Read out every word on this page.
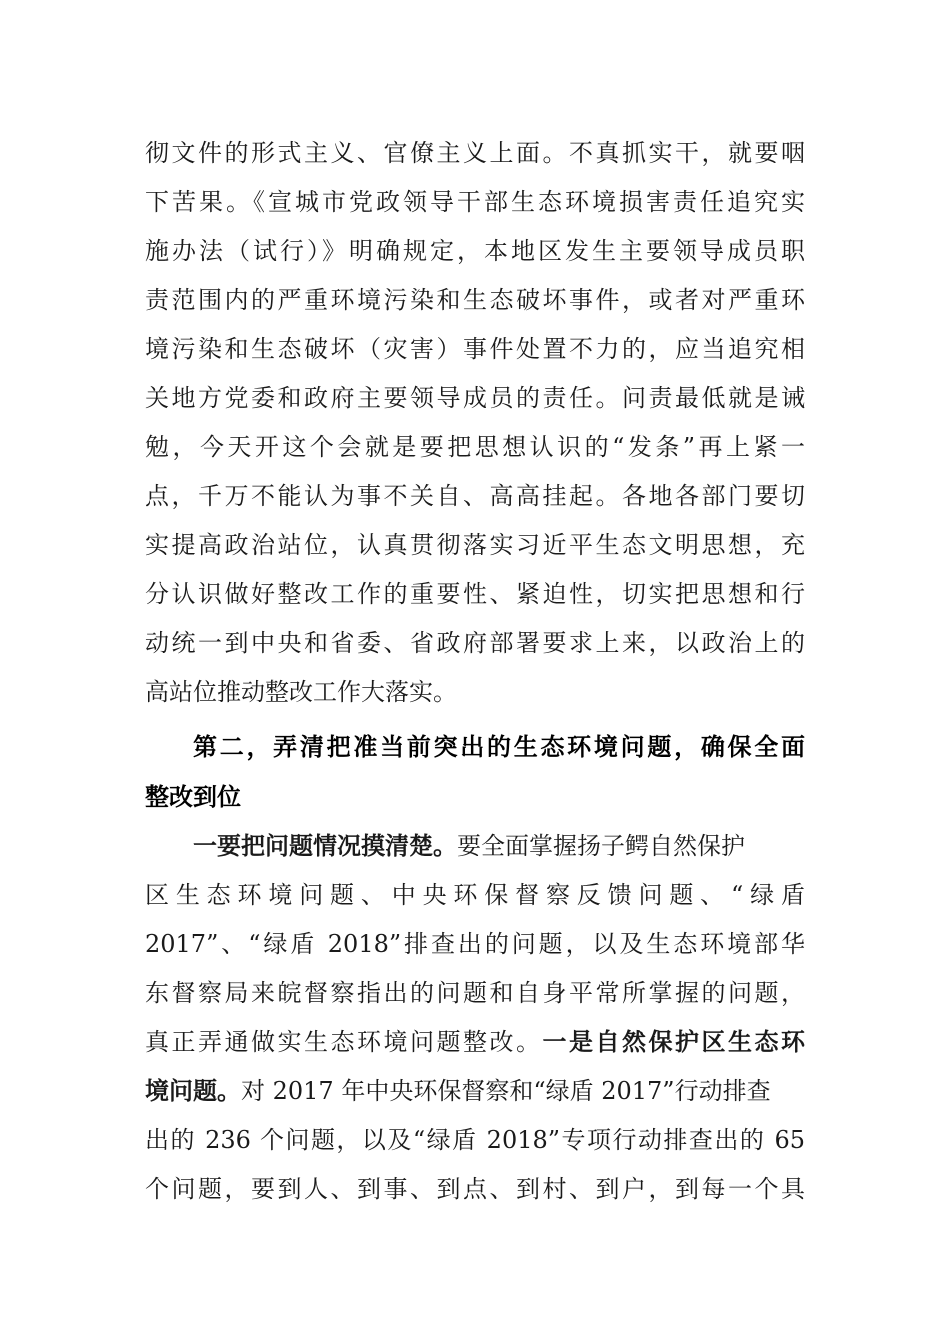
彻文件的形式主义、官僚主义上面。不真抓实干，就要咽
下苦果。《宣城市党政领导干部生态环境损害责任追究实
施办法（试行）》明确规定，本地区发生主要领导成员职
责范围内的严重环境污染和生态破坏事件，或者对严重环
境污染和生态破坏（灾害）事件处置不力的，应当追究相
关地方党委和政府主要领导成员的责任。问责最低就是诫
勉，今天开这个会就是要把思想认识的“发条”再上紧一
点，千万不能认为事不关自、高高挂起。各地各部门要切
实提高政治站位，认真贯彻落实习近平生态文明思想，充
分认识做好整改工作的重要性、紧迫性，切实把思想和行
动统一到中央和省委、省政府部署要求上来，以政治上的
高站位推动整改工作大落实。
第二，弄清把准当前突出的生态环境问题，确保全面
整改到位
一要把问题情况摸清楚。要全面掌握扬子鳄自然保护
区生态环境问题、中央环保督察反馈问题、“绿盾
2017”、“绿盾 2018”排查出的问题，以及生态环境部华
东督察局来皖督察指出的问题和自身平常所掌握的问题，
真正弄通做实生态环境问题整改。一是自然保护区生态环
境问题。对 2017 年中央环保督察和“绿盾 2017”行动排查
出的 236 个问题，以及“绿盾 2018”专项行动排查出的 65
个问题，要到人、到事、到点、到村、到户，到每一个具
